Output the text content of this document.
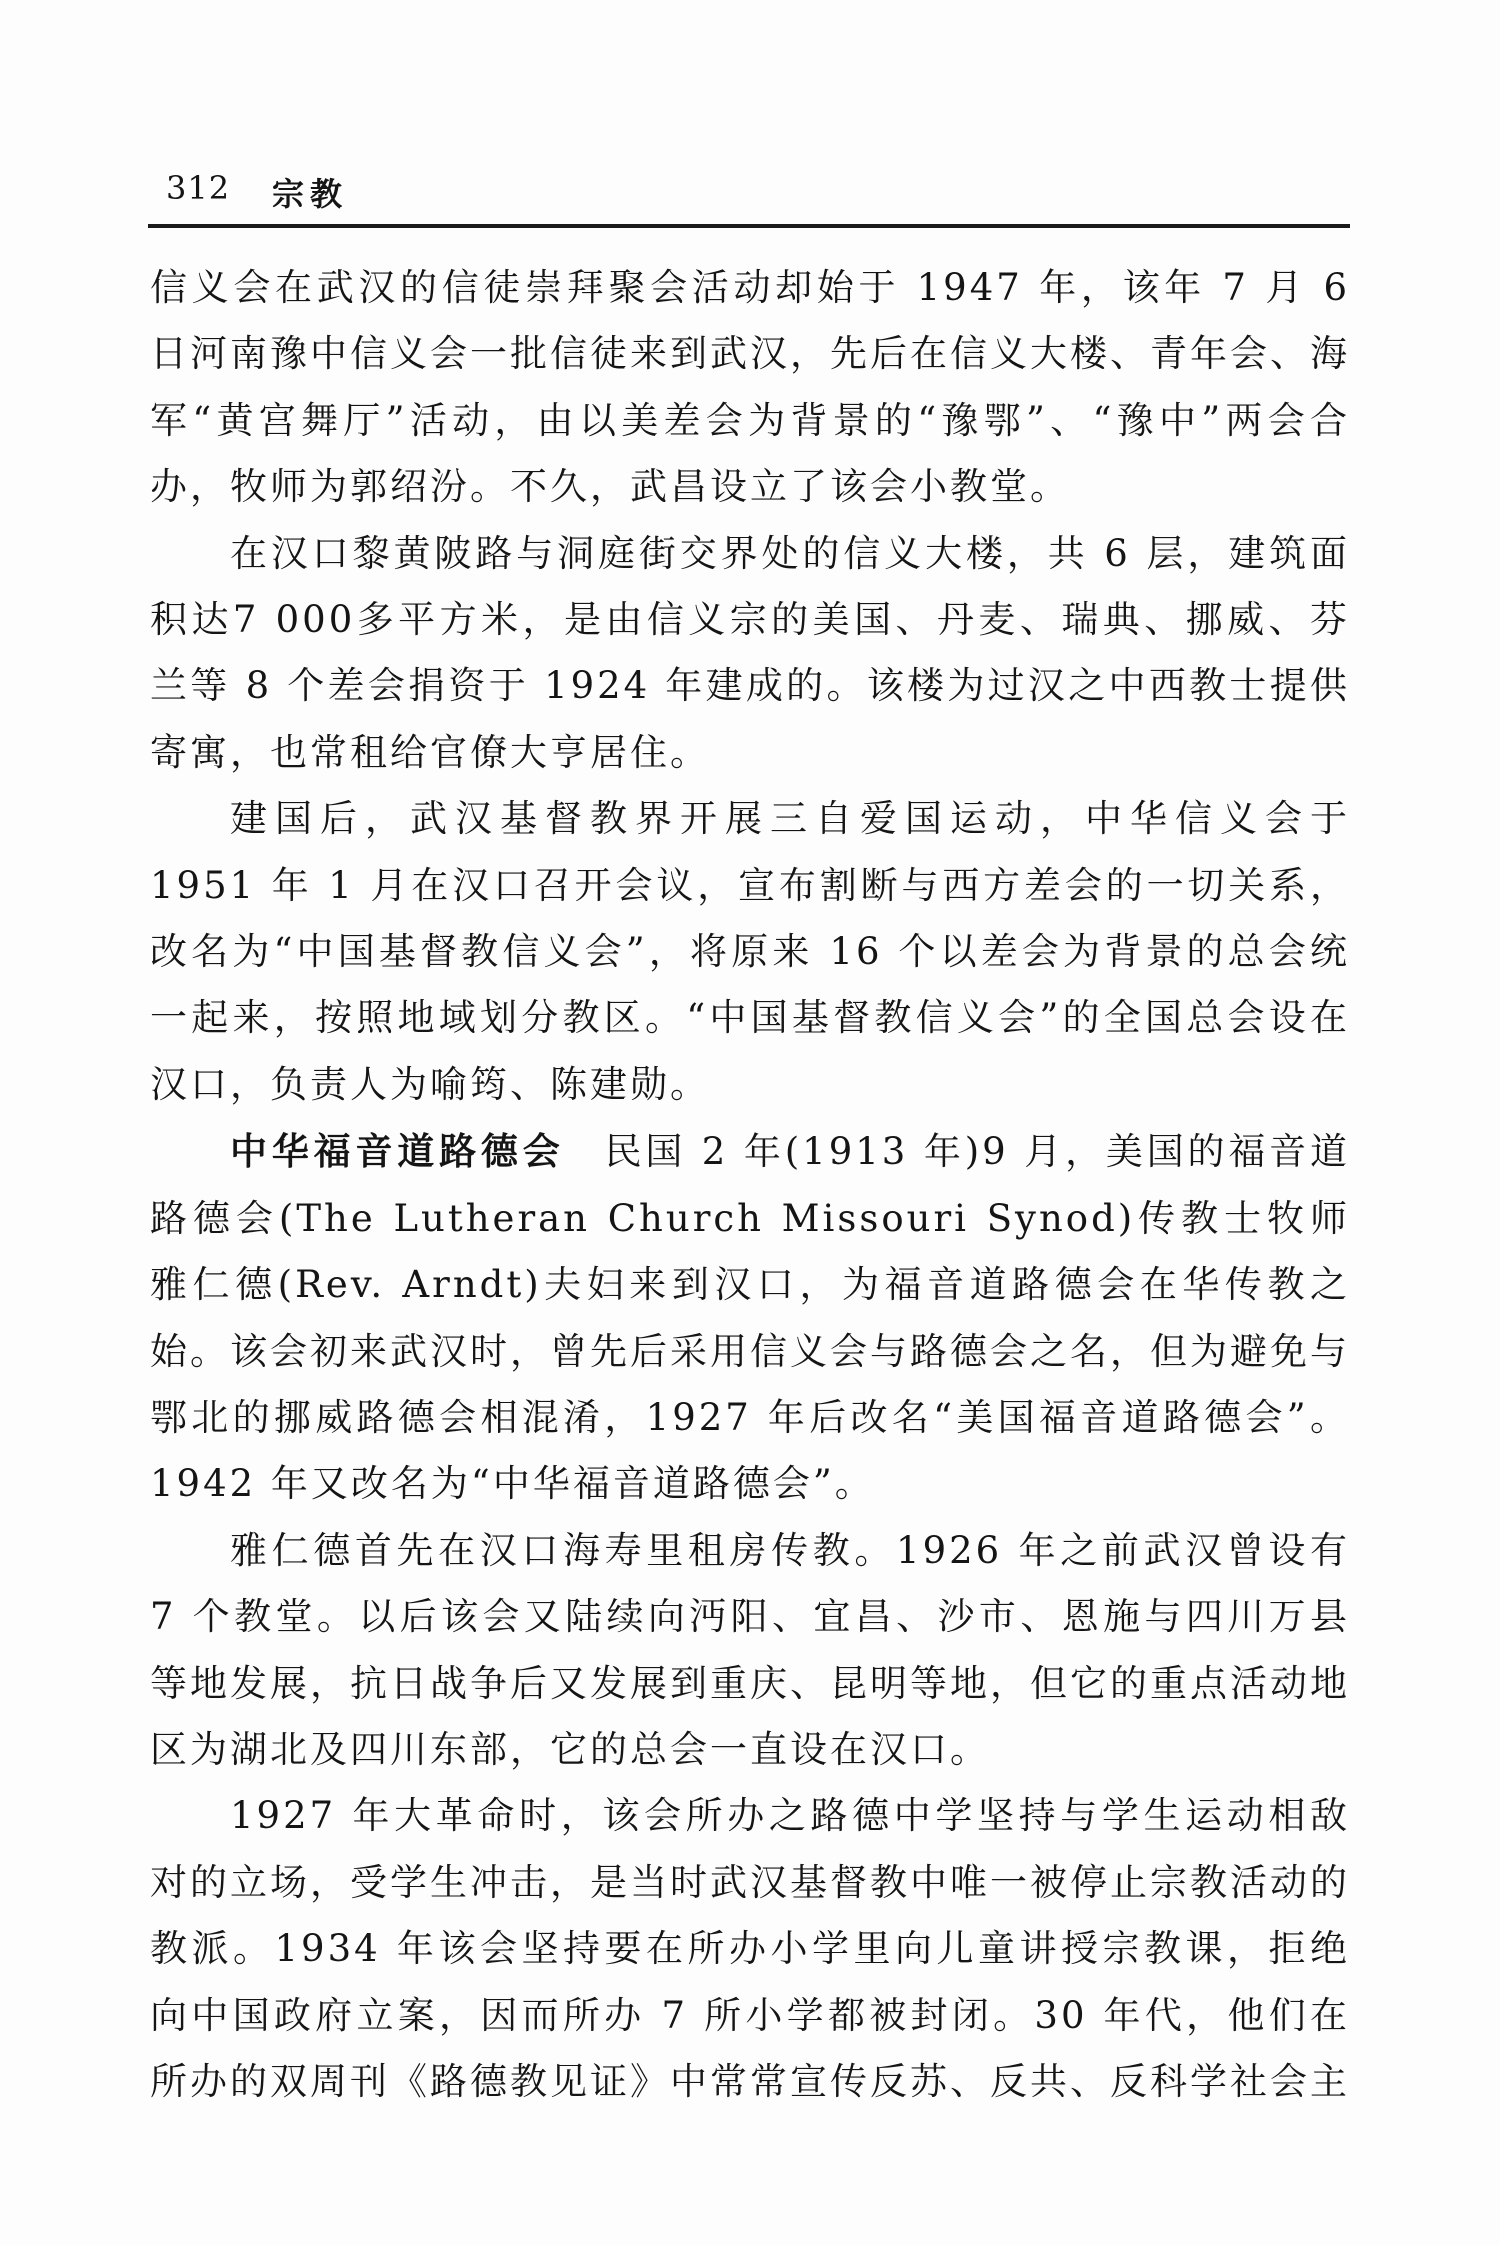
312 宗教

信义会在武汉的信徒崇拜聚会活动却始于 1947 年，该年 7 月 6 日河南豫中信义会一批信徒来到武汉，先后在信义大楼、青年会、海军“黄宫舞厅”活动，由以美差会为背景的“豫鄂”、“豫中”两会合办，牧师为郭绍汾。不久，武昌设立了该会小教堂。

在汉口黎黄陂路与洞庭街交界处的信义大楼，共 6 层，建筑面积达7 000多平方米，是由信义宗的美国、丹麦、瑞典、挪威、芬兰等 8 个差会捐资于 1924 年建成的。该楼为过汉之中西教士提供寄寓，也常租给官僚大亨居住。

建国后，武汉基督教界开展三自爱国运动，中华信义会于 1951 年 1 月在汉口召开会议，宣布割断与西方差会的一切关系，改名为“中国基督教信义会”，将原来 16 个以差会为背景的总会统一起来，按照地域划分教区。“中国基督教信义会”的全国总会设在汉口，负责人为喻筠、陈建勋。

中华福音道路德会 民国 2 年(1913 年)9 月，美国的福音道路德会(The Lutheran Church Missouri Synod)传教士牧师雅仁德(Rev. Arndt)夫妇来到汉口，为福音道路德会在华传教之始。该会初来武汉时，曾先后采用信义会与路德会之名，但为避免与鄂北的挪威路德会相混淆，1927 年后改名“美国福音道路德会”。1942 年又改名为“中华福音道路德会”。

雅仁德首先在汉口海寿里租房传教。1926 年之前武汉曾设有 7 个教堂。以后该会又陆续向沔阳、宜昌、沙市、恩施与四川万县等地发展，抗日战争后又发展到重庆、昆明等地，但它的重点活动地区为湖北及四川东部，它的总会一直设在汉口。

1927 年大革命时，该会所办之路德中学坚持与学生运动相敌对的立场，受学生冲击，是当时武汉基督教中唯一被停止宗教活动的教派。1934 年该会坚持要在所办小学里向儿童讲授宗教课，拒绝向中国政府立案，因而所办 7 所小学都被封闭。30 年代，他们在所办的双周刊《路德教见证》中常常宣传反苏、反共、反科学社会主
